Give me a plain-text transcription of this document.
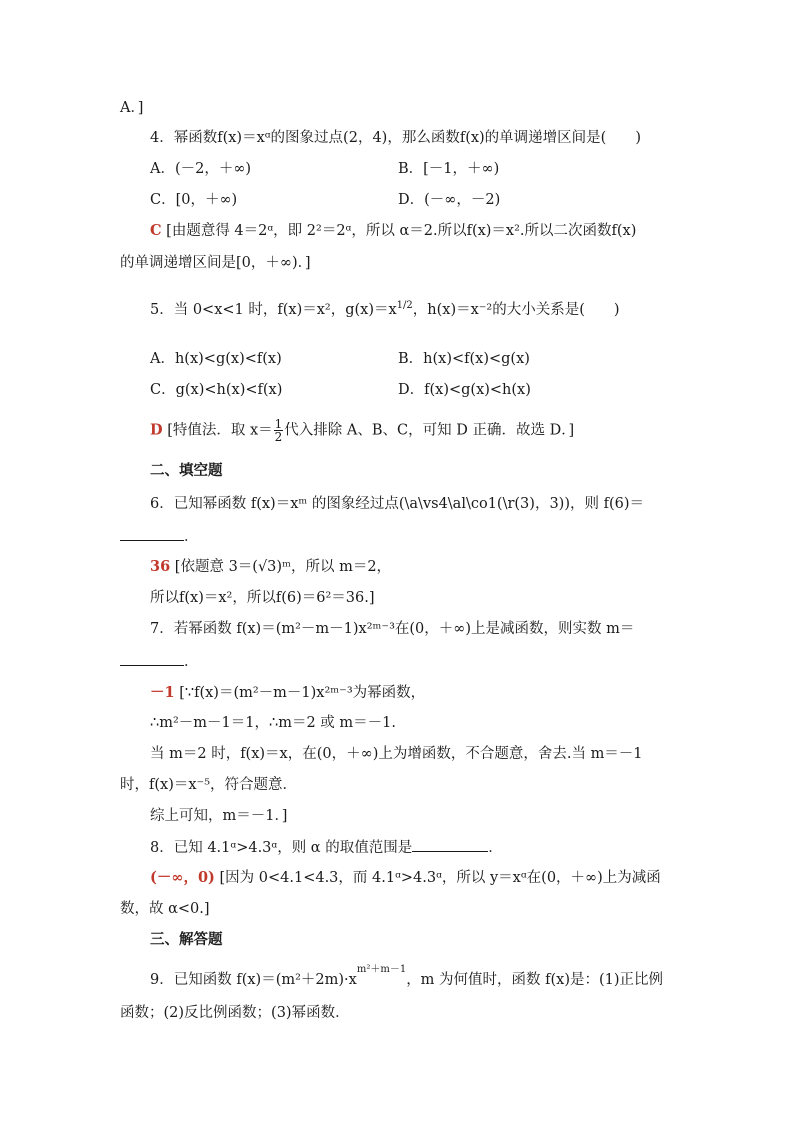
A．]
4．幂函数f(x)＝xᵅ的图象过点(2，4)，那么函数f(x)的单调递增区间是(　　)
A．(－2，＋∞)	B．[－1，＋∞)
C．[0，＋∞)	D．(－∞，－2)
C [由题意得 4＝2ᵅ，即 2²＝2ᵅ，所以 α＝2.所以f(x)＝x².所以二次函数f(x)
的单调递增区间是[0，＋∞)．]
5．当 0<x<1 时，f(x)＝x²，$g(x)=x^{1/2}$，h(x)＝x⁻²的大小关系是(　　)
A．h(x)<g(x)<f(x)	B．h(x)<f(x)<g(x)
C．g(x)<h(x)<f(x)	D．f(x)<g(x)<h(x)
D [特值法．取 $x= \frac{1}{2}$ 代入排除 A、B、C，可知 D 正确．故选 D．]
二、填空题
6．已知幂函数 f(x)＝xᵐ 的图象经过点(\a\vs4\al\co1(\r(3)，3))，则 f(6)＝
．
36 [依题意 3＝(√3)ᵐ，所以 m＝2，
所以f(x)＝x²，所以f(6)＝6²＝36.]
7．若幂函数 f(x)＝(m²－m－1)x²ᵐ⁻³在(0，＋∞)上是减函数，则实数 m＝
．
－1 [∵f(x)＝(m²－m－1)x²ᵐ⁻³为幂函数，
∴m²－m－1＝1，∴m＝2 或 m＝－1.
当 m＝2 时，f(x)＝x，在(0，＋∞)上为增函数，不合题意，舍去.当 m＝－1
时，f(x)＝x⁻⁵，符合题意．
综上可知，m＝－1．]
8．已知 4.1ᵅ>4.3ᵅ，则 α 的取值范围是	．
(－∞，0) [因为 0<4.1<4.3，而 4.1ᵅ>4.3ᵅ，所以 y＝xᵅ在(0，＋∞)上为减函
数，故 α<0.]
三、解答题
9．已知函数 $f(x)=(m^2+2m)\cdot x^{m^2+m-1}$，m 为何值时，函数 f(x)是：(1)正比例
函数；(2)反比例函数；(3)幂函数．
